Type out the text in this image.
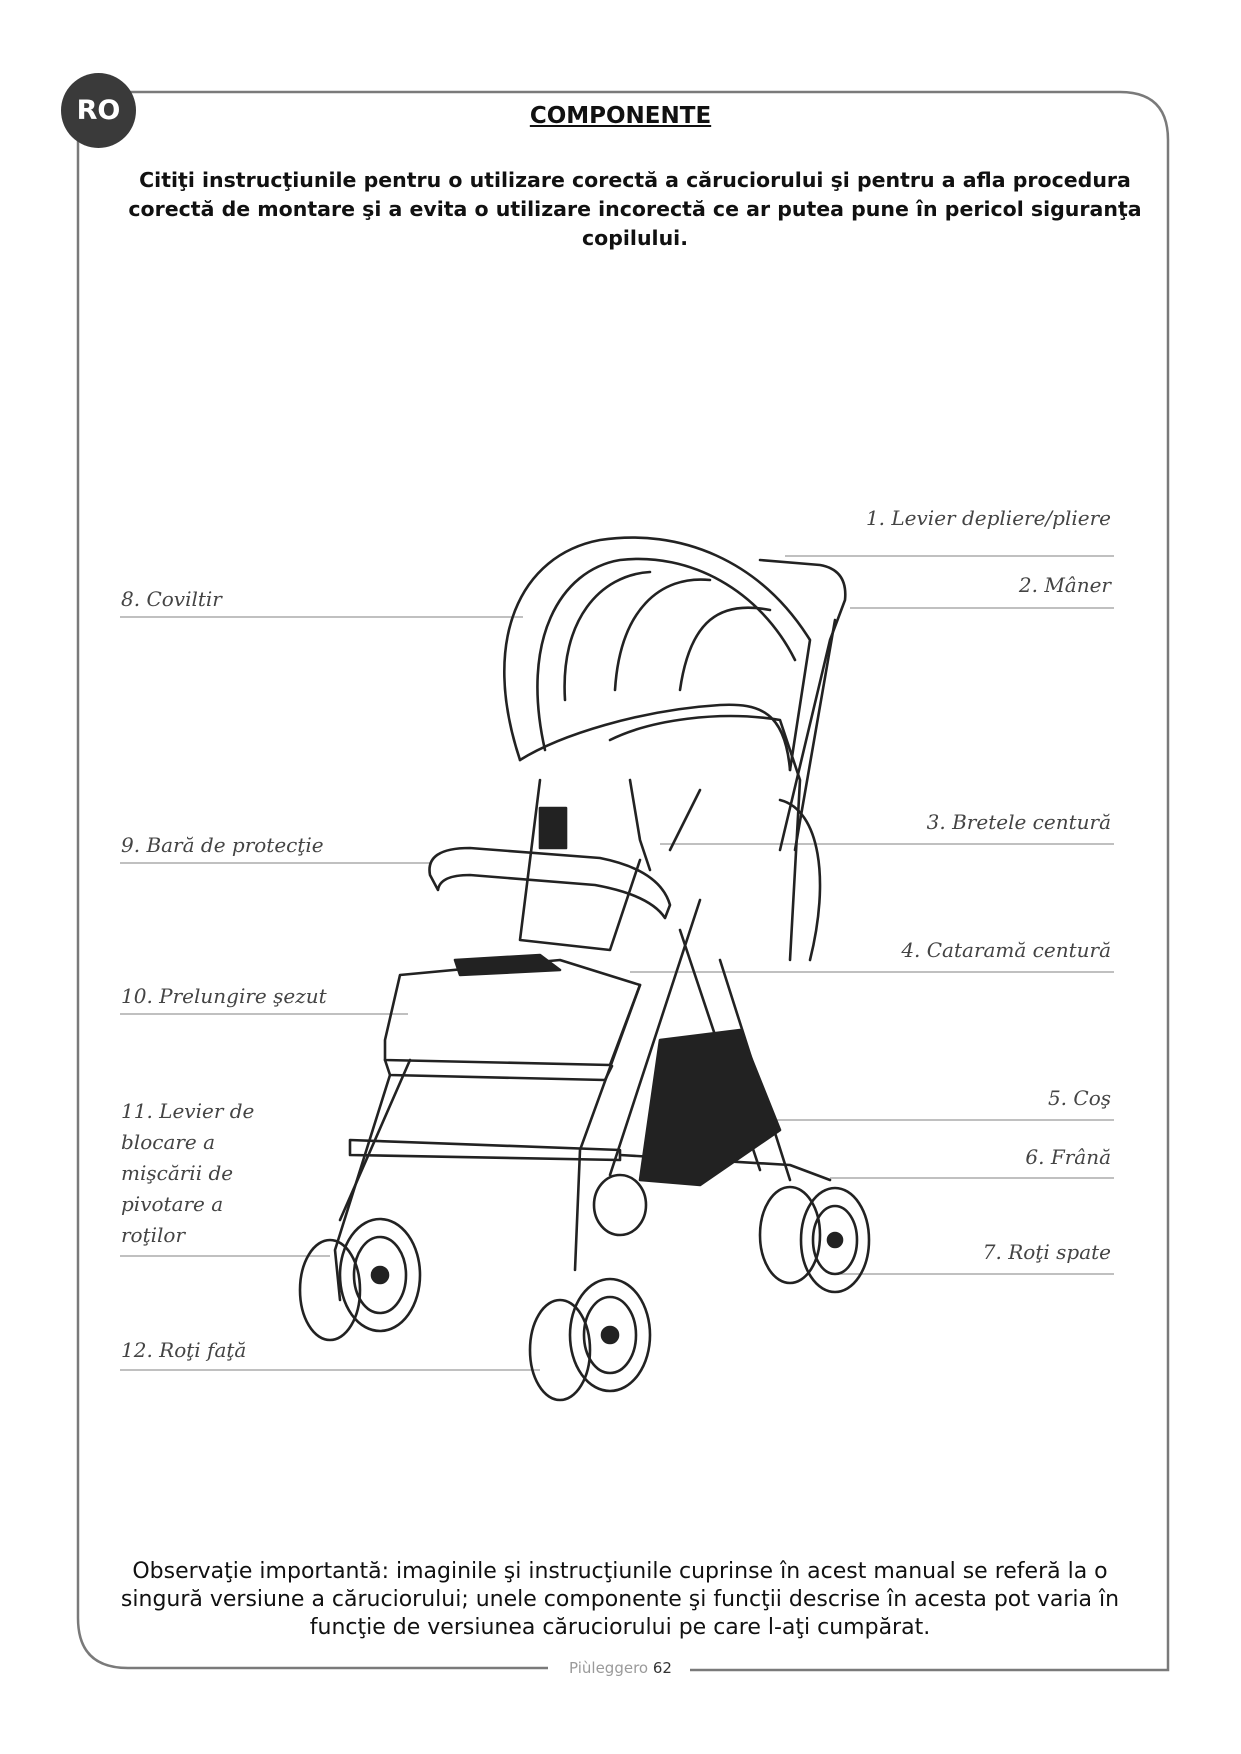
RO	COMPONENTE
Citiţi instrucţiunile pentru o utilizare corectă a căruciorului şi pentru a afla procedura corectă de montare şi a evita o utilizare incorectă ce ar putea pune în pericol siguranţa copilului.
1. Levier depliere/pliere
2. Mâner
3. Bretele centură
4. Cataramă centură
5. Coş
6. Frână
7. Roţi spate
8. Coviltir
9. Bară de protecţie
10. Prelungire şezut
11. Levier de blocare a mişcării de pivotare a roţilor
12. Roţi faţă
Observaţie importantă: imaginile şi instrucţiunile cuprinse în acest manual se referă la o singură versiune a căruciorului; unele componente şi funcţii descrise în acesta pot varia în funcţie de versiunea căruciorului pe care l-aţi cumpărat.
Piùleggero 62
